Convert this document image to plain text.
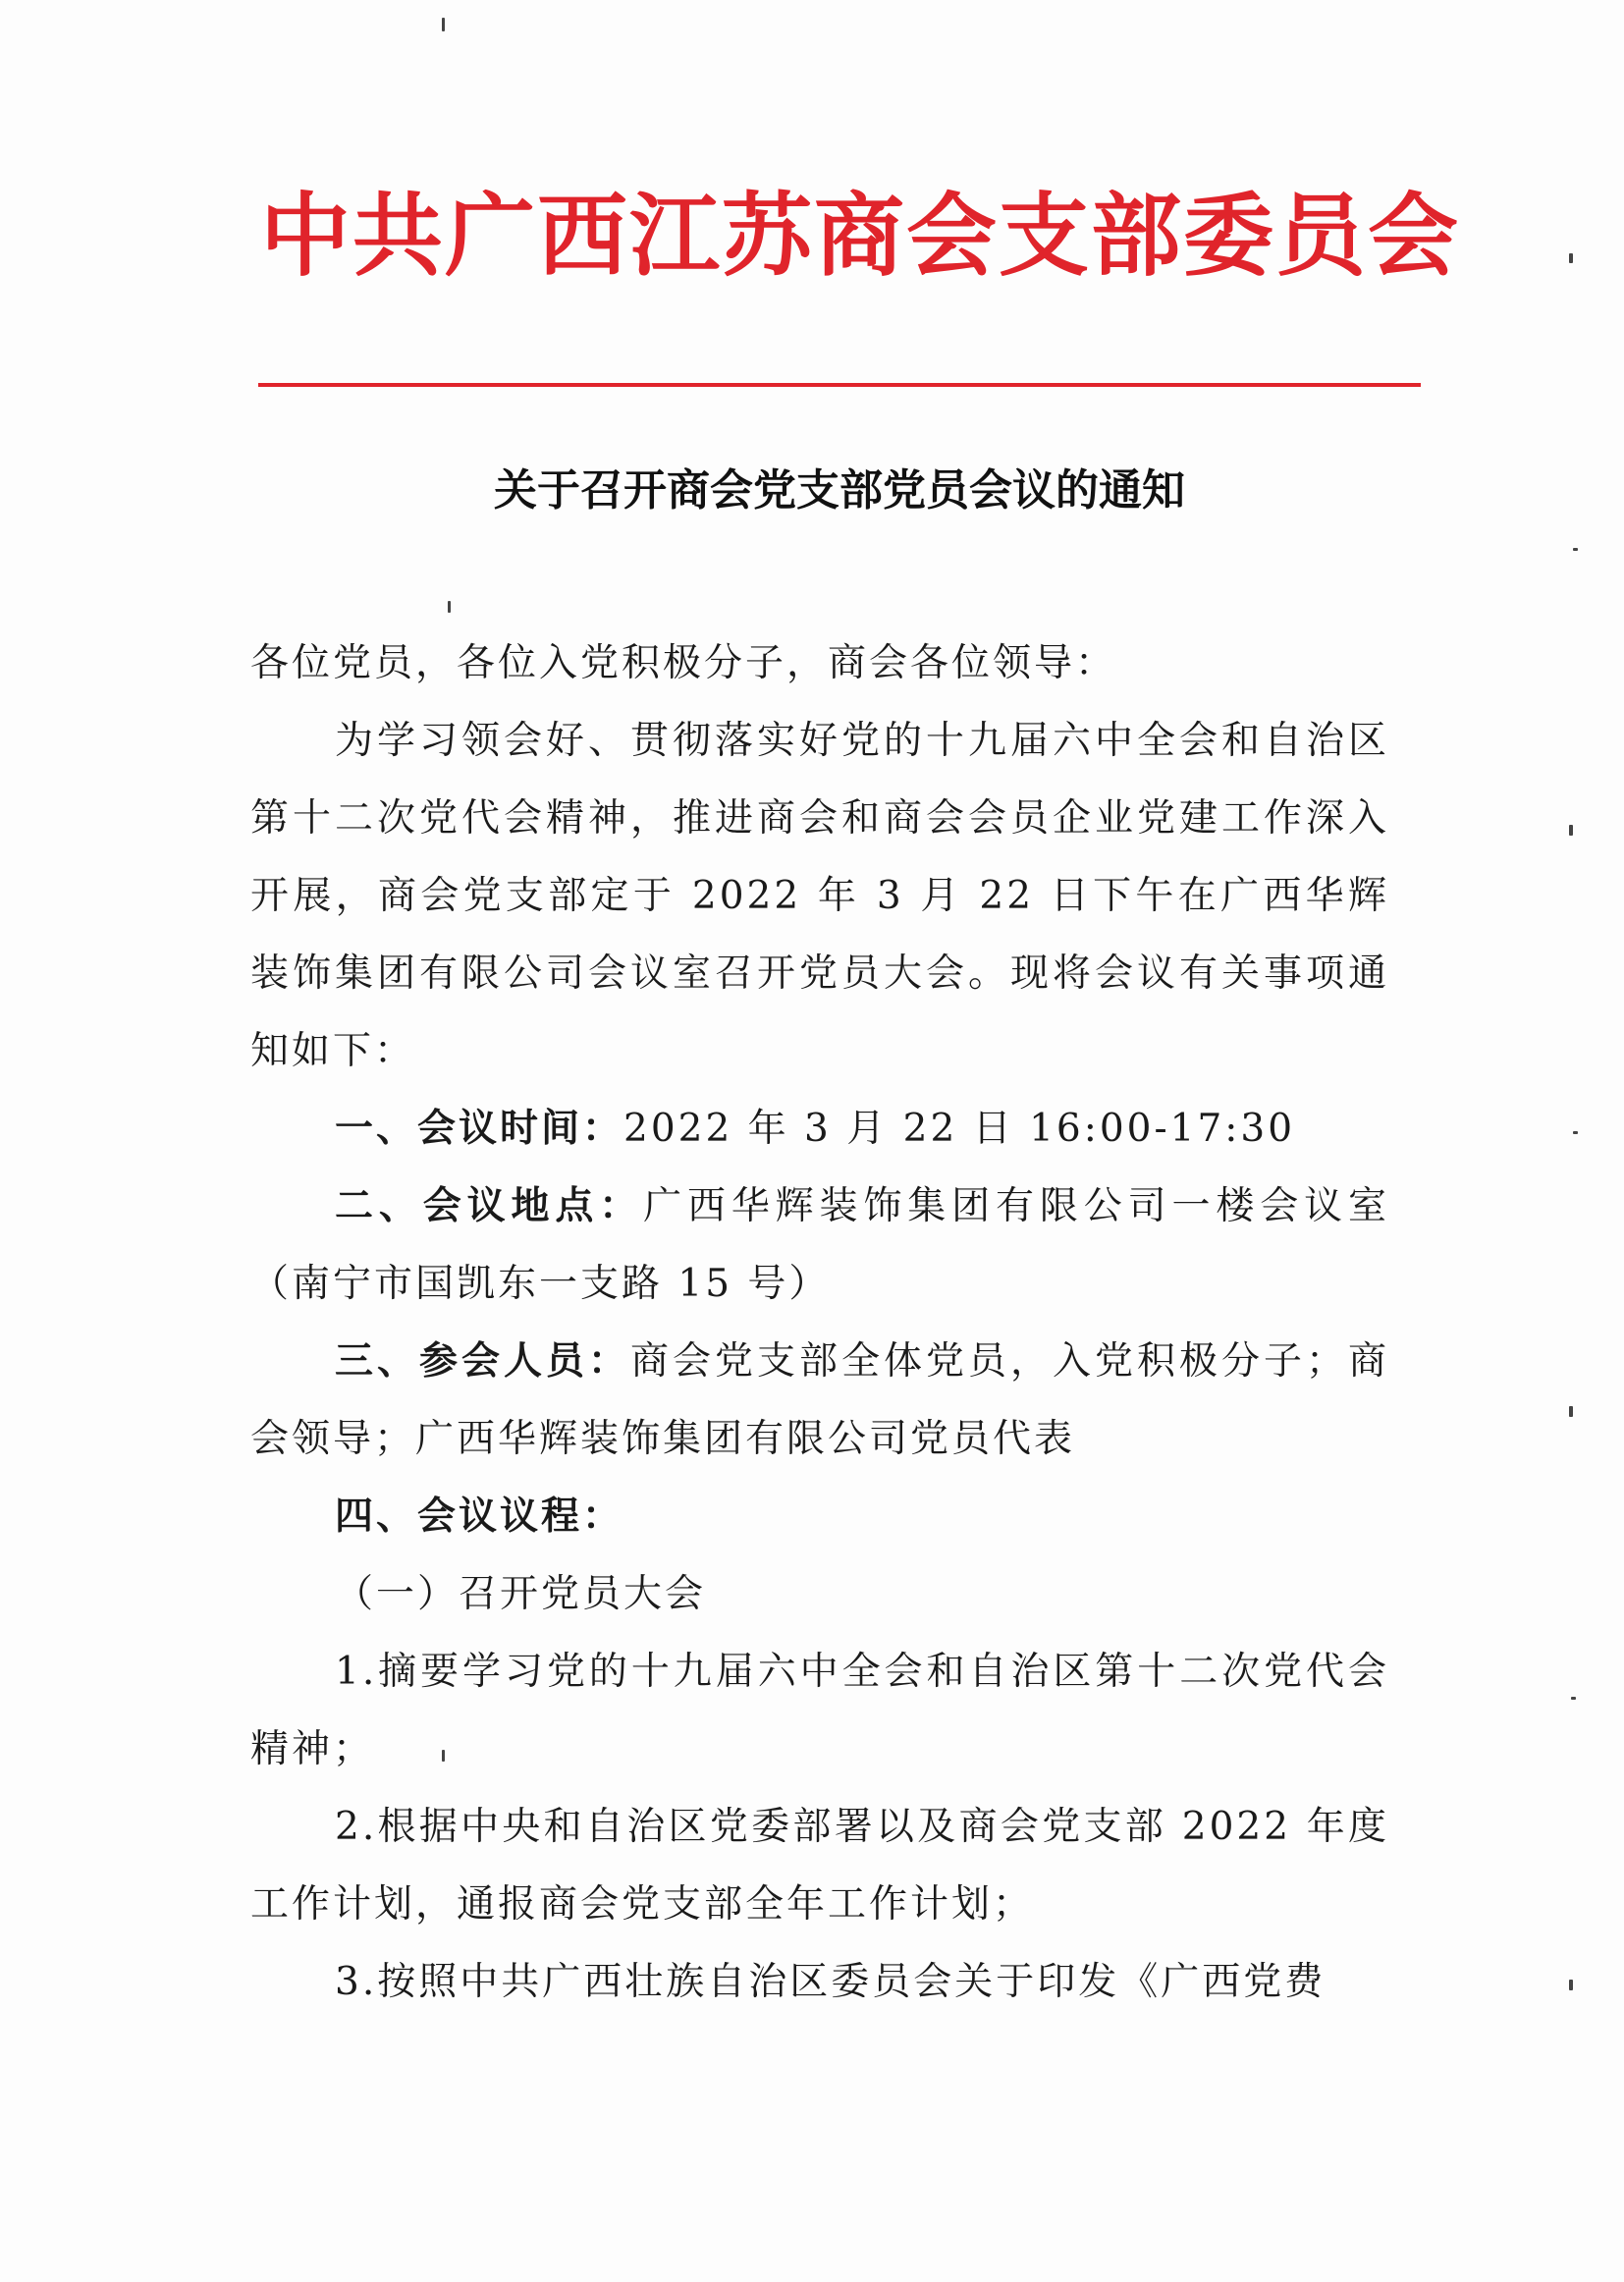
中共广西江苏商会支部委员会
关于召开商会党支部党员会议的通知

各位党员，各位入党积极分子，商会各位领导：

为学习领会好、贯彻落实好党的十九届六中全会和自治区第十二次党代会精神，推进商会和商会会员企业党建工作深入开展，商会党支部定于 2022 年 3 月 22 日下午在广西华辉装饰集团有限公司会议室召开党员大会。现将会议有关事项通知如下：

一、会议时间：2022 年 3 月 22 日 16:00-17:30

二、会议地点：广西华辉装饰集团有限公司一楼会议室（南宁市国凯东一支路 15 号）

三、参会人员：商会党支部全体党员，入党积极分子；商会领导；广西华辉装饰集团有限公司党员代表

四、会议议程：

（一）召开党员大会

1.摘要学习党的十九届六中全会和自治区第十二次党代会精神；

2.根据中央和自治区党委部署以及商会党支部 2022 年度工作计划，通报商会党支部全年工作计划；

3.按照中共广西壮族自治区委员会关于印发《广西党费
